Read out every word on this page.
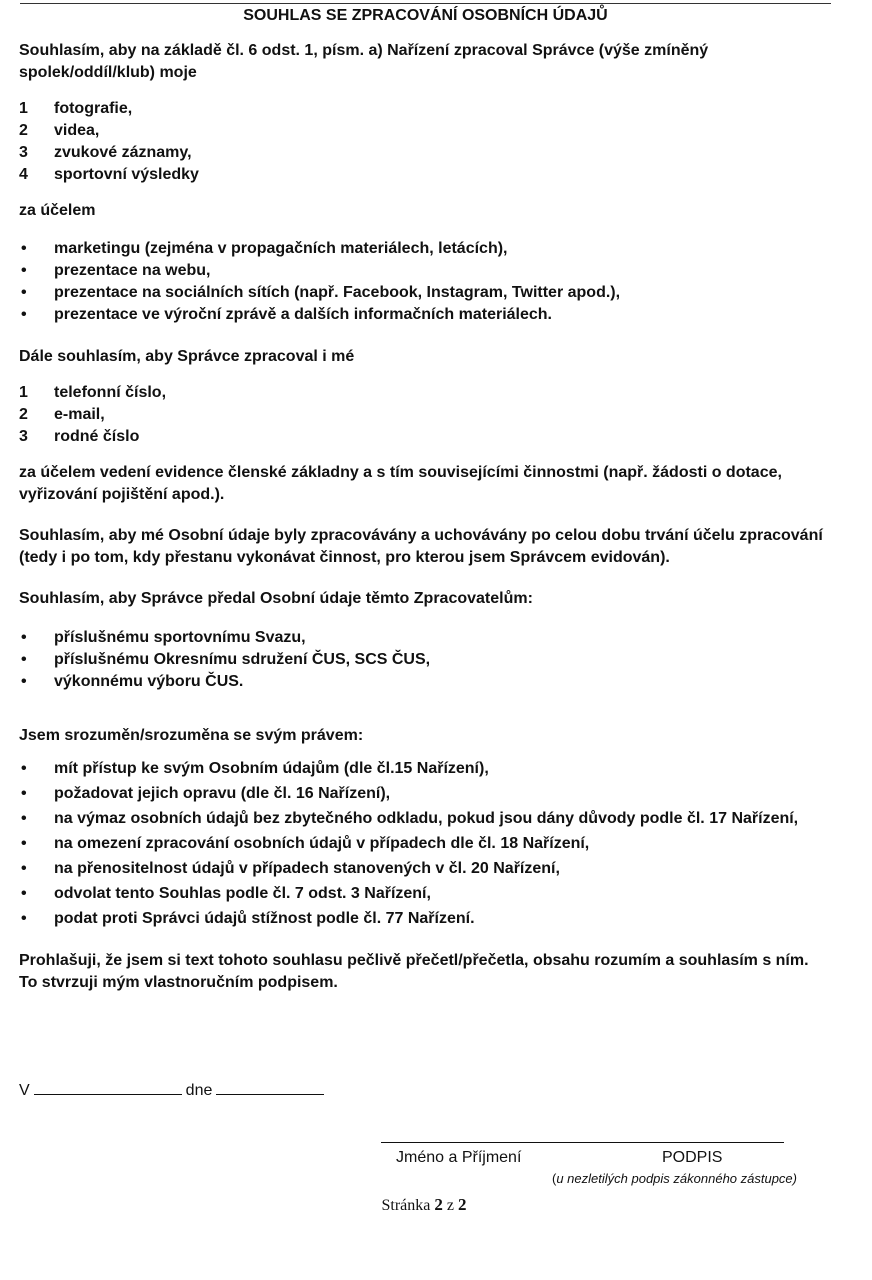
SOUHLAS SE ZPRACOVÁNÍ OSOBNÍCH ÚDAJŮ

Souhlasím, aby na základě čl. 6 odst. 1, písm. a) Nařízení zpracoval Správce (výše zmíněný spolek/oddíl/klub) moje

1	fotografie,
2	videa,
3	zvukové záznamy,
4	sportovní výsledky

za účelem

• marketingu (zejména v propagačních materiálech, letácích),
• prezentace na webu,
• prezentace na sociálních sítích (např. Facebook, Instagram, Twitter apod.),
• prezentace ve výroční zprávě a dalších informačních materiálech.

Dále souhlasím, aby Správce zpracoval i mé

1	telefonní číslo,
2	e-mail,
3	rodné číslo

za účelem vedení evidence členské základny a s tím souvisejícími činnostmi (např. žádosti o dotace, vyřizování pojištění apod.).

Souhlasím, aby mé Osobní údaje byly zpracovávány a uchovávány po celou dobu trvání účelu zpracování (tedy i po tom, kdy přestanu vykonávat činnost, pro kterou jsem Správcem evidován).

Souhlasím, aby Správce předal Osobní údaje těmto Zpracovatelům:

• příslušnému sportovnímu Svazu,
• příslušnému Okresnímu sdružení ČUS, SCS ČUS,
• výkonnému výboru ČUS.

Jsem srozuměn/srozuměna se svým právem:

• mít přístup ke svým Osobním údajům (dle čl.15 Nařízení),
• požadovat jejich opravu (dle čl. 16 Nařízení),
• na výmaz osobních údajů bez zbytečného odkladu, pokud jsou dány důvody podle čl. 17 Nařízení,
• na omezení zpracování osobních údajů v případech dle čl. 18 Nařízení,
• na přenositelnost údajů v případech stanovených v čl. 20 Nařízení,
• odvolat tento Souhlas podle čl. 7 odst. 3 Nařízení,
• podat proti Správci údajů stížnost podle čl. 77 Nařízení.

Prohlašuji, že jsem si text tohoto souhlasu pečlivě přečetl/přečetla, obsahu rozumím a souhlasím s ním. To stvrzuji mým vlastnoručním podpisem.

V	dne
Jméno a Příjmení	PODPIS
(u nezletilých podpis zákonného zástupce)
Stránka 2 z 2
